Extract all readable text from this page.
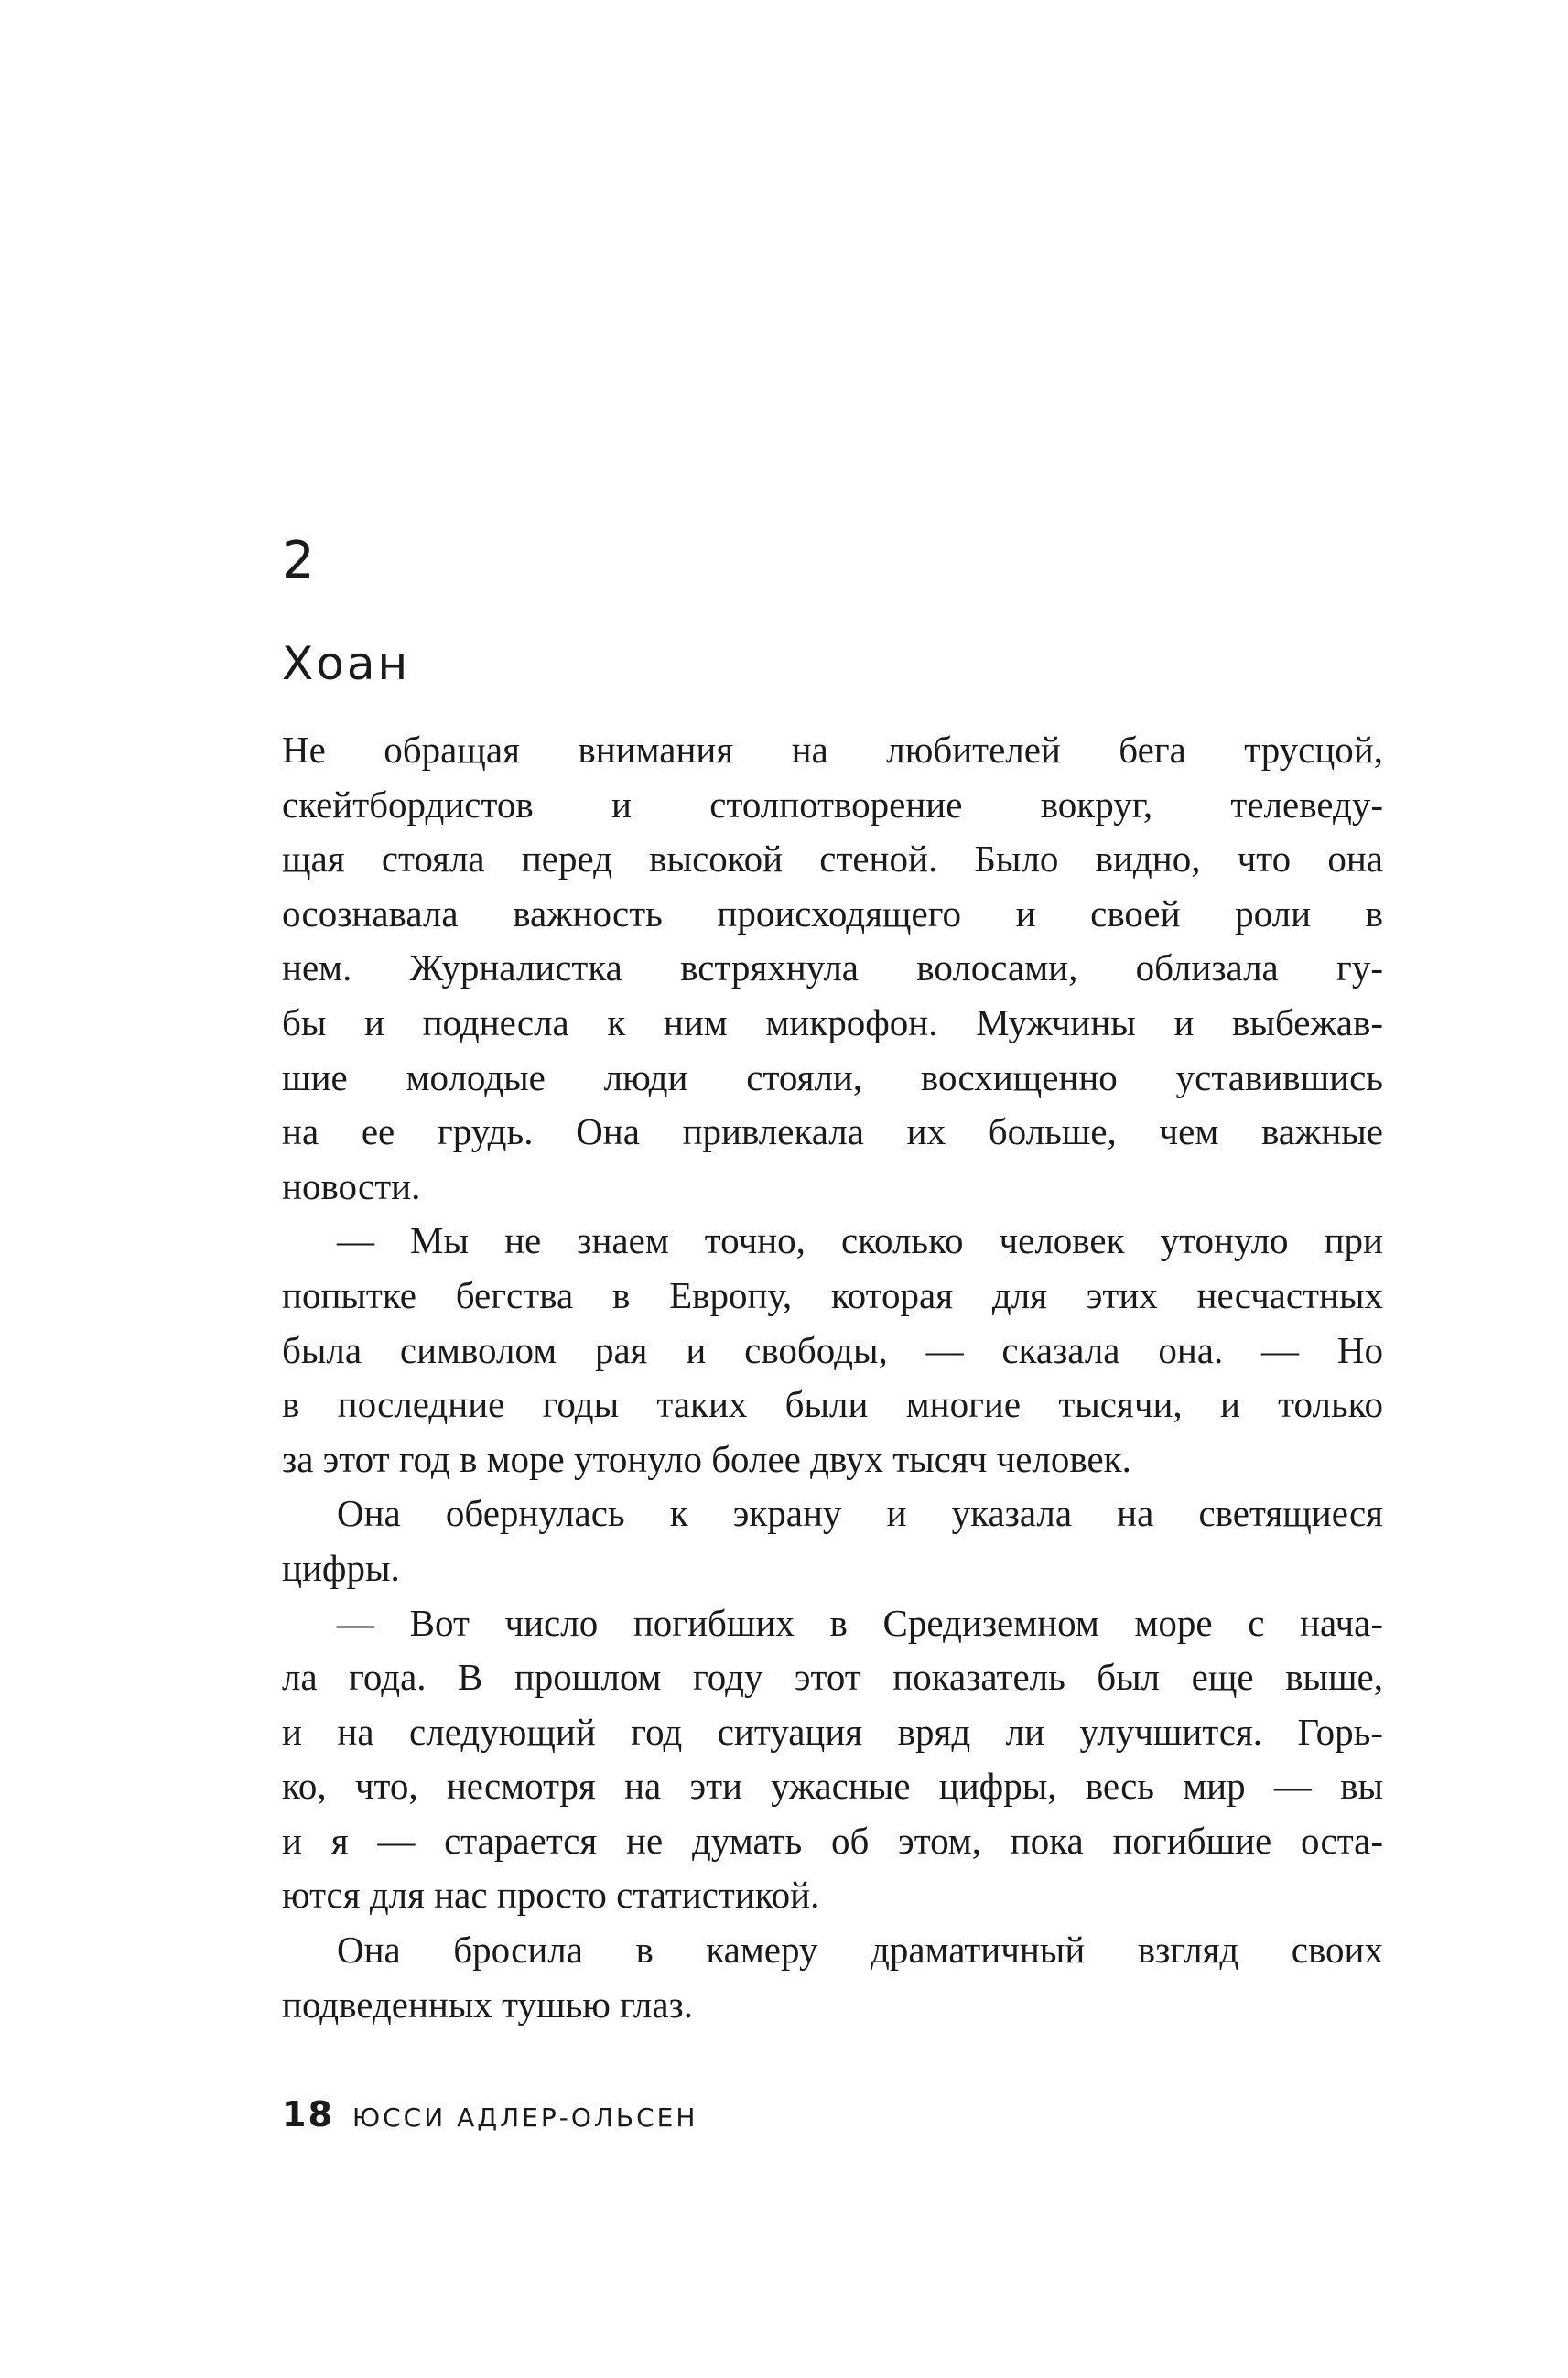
2
Хоан
Не обращая внимания на любителей бега трусцой,
скейтбордистов и столпотворение вокруг, телеведу-
щая стояла перед высокой стеной. Было видно, что она
осознавала важность происходящего и своей роли в
нем. Журналистка встряхнула волосами, облизала гу-
бы и поднесла к ним микрофон. Мужчины и выбежав-
шие молодые люди стояли, восхищенно уставившись
на ее грудь. Она привлекала их больше, чем важные
новости.
— Мы не знаем точно, сколько человек утонуло при
попытке бегства в Европу, которая для этих несчастных
была символом рая и свободы, — сказала она. — Но
в последние годы таких были многие тысячи, и только
за этот год в море утонуло более двух тысяч человек.
Она обернулась к экрану и указала на светящиеся
цифры.
— Вот число погибших в Средиземном море с нача-
ла года. В прошлом году этот показатель был еще выше,
и на следующий год ситуация вряд ли улучшится. Горь-
ко, что, несмотря на эти ужасные цифры, весь мир — вы
и я — старается не думать об этом, пока погибшие оста-
ются для нас просто статистикой.
Она бросила в камеру драматичный взгляд своих
подведенных тушью глаз.
18 ЮССИ АДЛЕР-ОЛЬСЕН
